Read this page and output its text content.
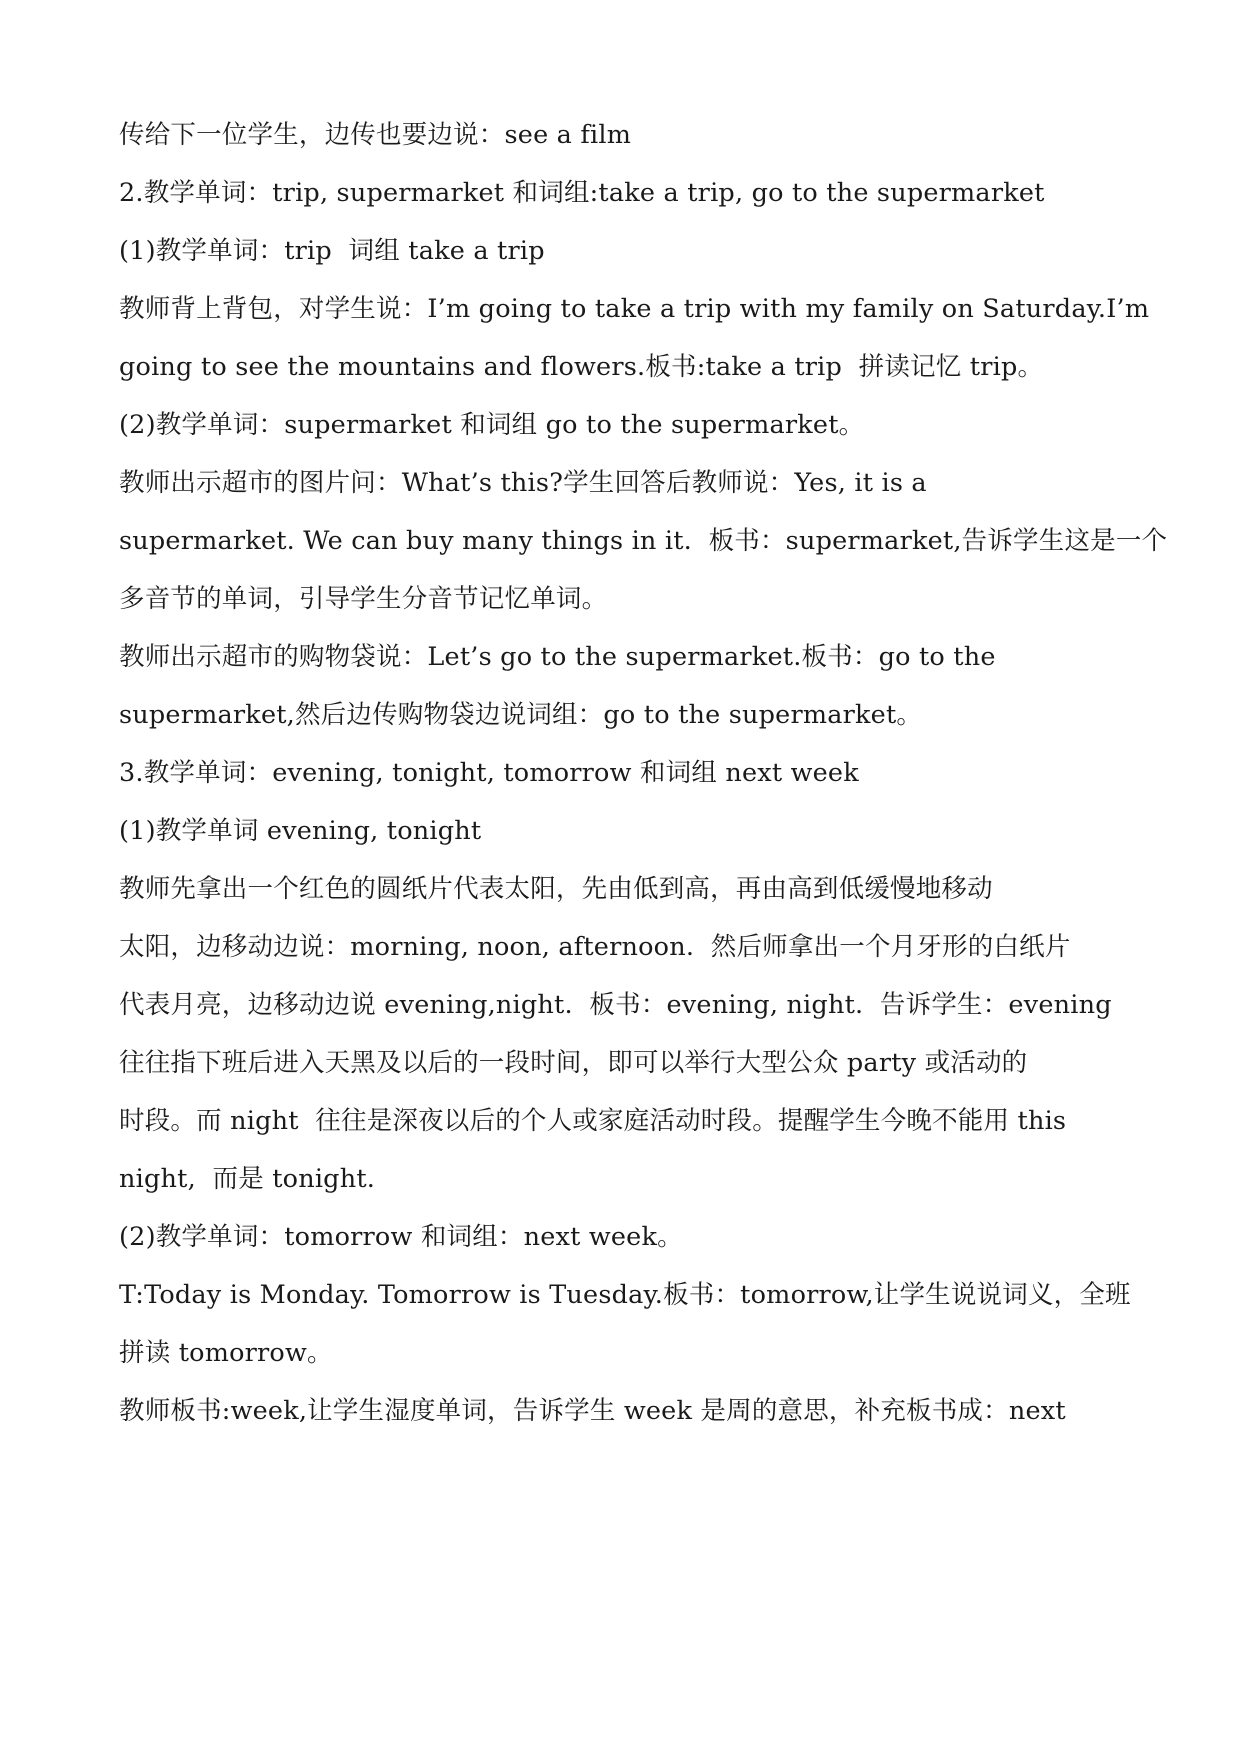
传给下一位学生，边传也要边说：see a film
2.教学单词：trip, supermarket 和词组:take a trip, go to the supermarket
(1)教学单词：trip  词组 take a trip
教师背上背包，对学生说：I’m going to take a trip with my family on Saturday.I’m
going to see the mountains and flowers.板书:take a trip  拼读记忆 trip。
(2)教学单词：supermarket 和词组 go to the supermarket。
教师出示超市的图片问：What’s this?学生回答后教师说：Yes, it is a
supermarket. We can buy many things in it.  板书：supermarket,告诉学生这是一个
多音节的单词，引导学生分音节记忆单词。
教师出示超市的购物袋说：Let’s go to the supermarket.板书：go to the
supermarket,然后边传购物袋边说词组：go to the supermarket。
3.教学单词：evening, tonight, tomorrow 和词组 next week
(1)教学单词 evening, tonight
教师先拿出一个红色的圆纸片代表太阳，先由低到高，再由高到低缓慢地移动
太阳，边移动边说：morning, noon, afternoon.  然后师拿出一个月牙形的白纸片
代表月亮，边移动边说 evening,night.  板书：evening, night.  告诉学生：evening
往往指下班后进入天黑及以后的一段时间，即可以举行大型公众 party 或活动的
时段。而 night  往往是深夜以后的个人或家庭活动时段。提醒学生今晚不能用 this
night,  而是 tonight.
(2)教学单词：tomorrow 和词组：next week。
T:Today is Monday. Tomorrow is Tuesday.板书：tomorrow,让学生说说词义，全班
拼读 tomorrow。
教师板书:week,让学生湿度单词，告诉学生 week 是周的意思，补充板书成：next
